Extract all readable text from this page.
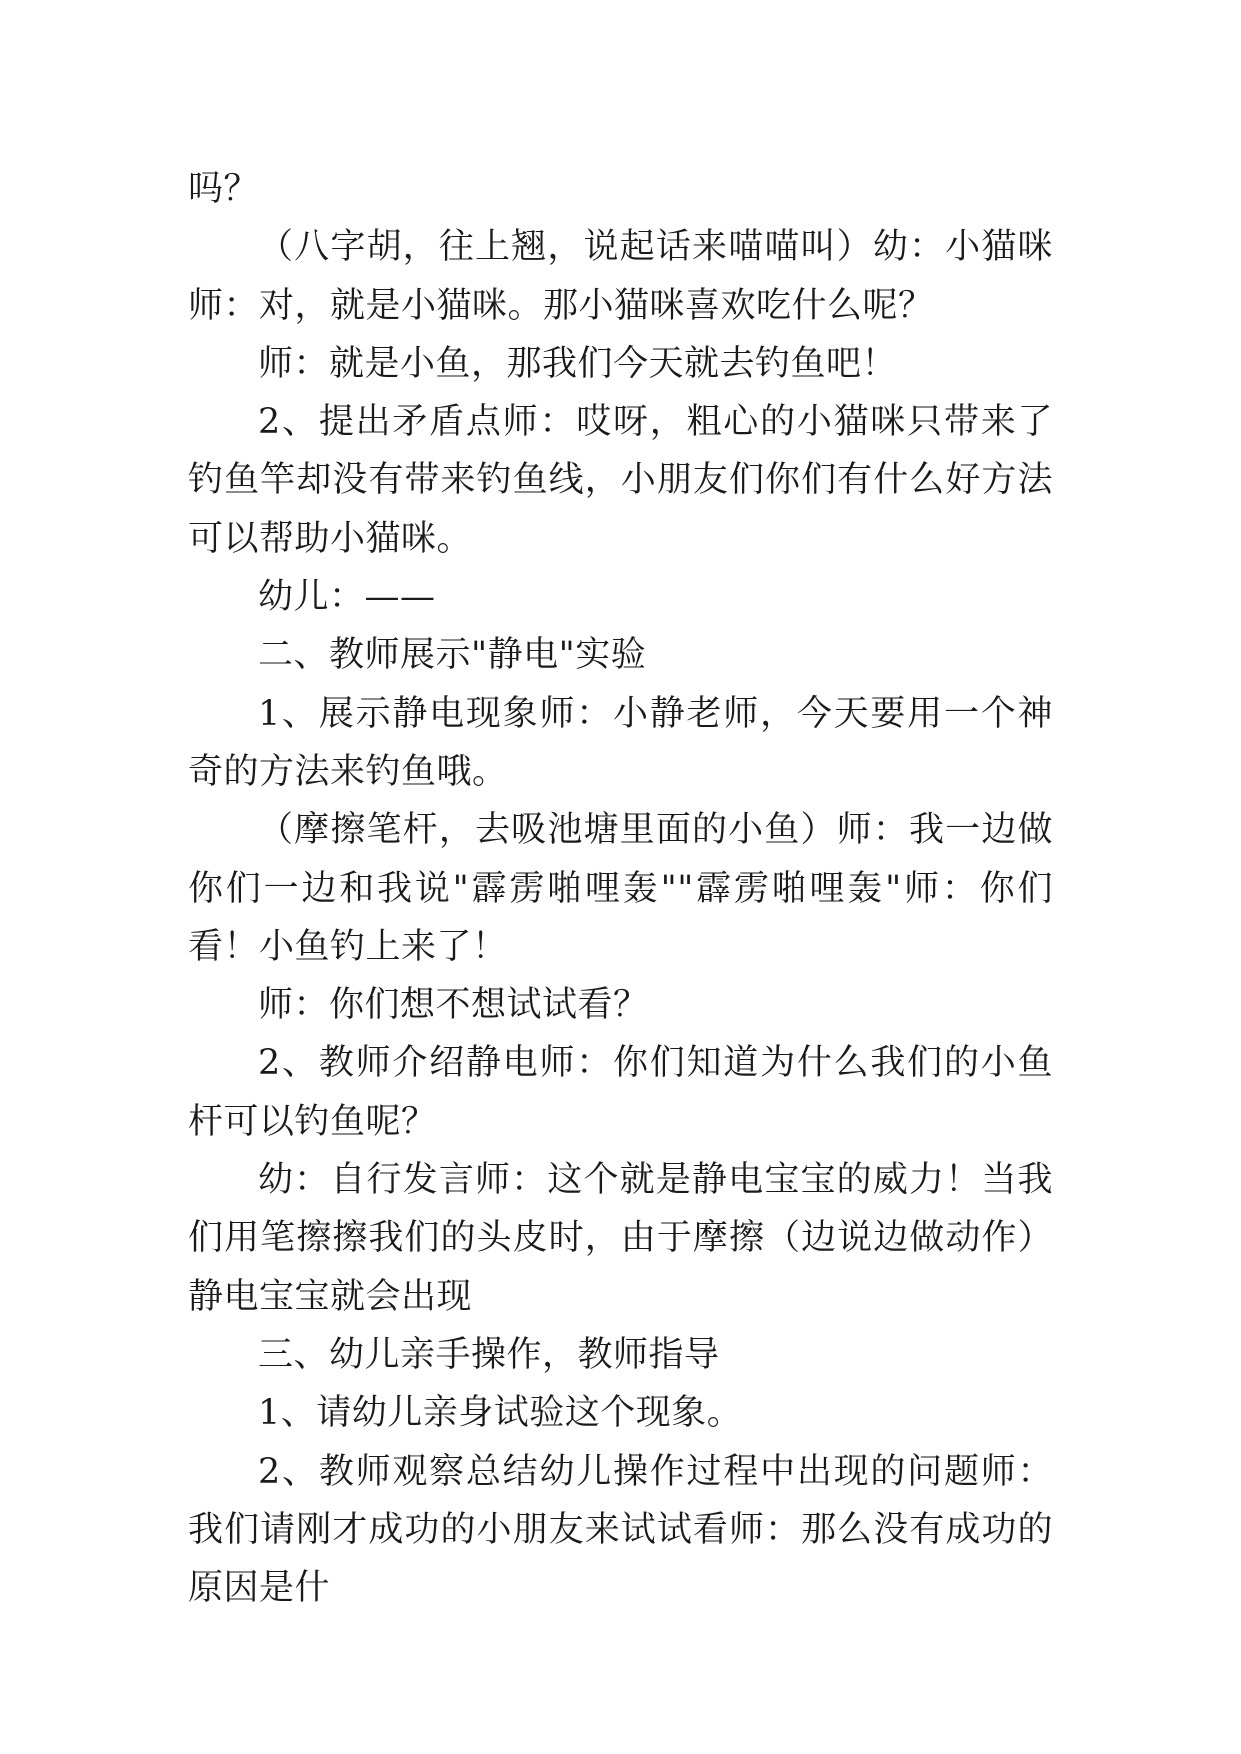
吗？

（八字胡，往上翘，说起话来喵喵叫）幼：小猫咪师：对，就是小猫咪。那小猫咪喜欢吃什么呢？

师：就是小鱼，那我们今天就去钓鱼吧！

2、提出矛盾点师：哎呀，粗心的小猫咪只带来了钓鱼竿却没有带来钓鱼线，小朋友们你们有什么好方法可以帮助小猫咪。

幼儿：——

二、教师展示"静电"实验

1、展示静电现象师：小静老师，今天要用一个神奇的方法来钓鱼哦。

（摩擦笔杆，去吸池塘里面的小鱼）师：我一边做你们一边和我说"霹雳啪哩轰""霹雳啪哩轰"师：你们看！小鱼钓上来了！

师：你们想不想试试看？

2、教师介绍静电师：你们知道为什么我们的小鱼杆可以钓鱼呢？

幼：自行发言师：这个就是静电宝宝的威力！当我们用笔擦擦我们的头皮时，由于摩擦（边说边做动作）静电宝宝就会出现

三、幼儿亲手操作，教师指导

1、请幼儿亲身试验这个现象。

2、教师观察总结幼儿操作过程中出现的问题师：我们请刚才成功的小朋友来试试看师：那么没有成功的原因是什
